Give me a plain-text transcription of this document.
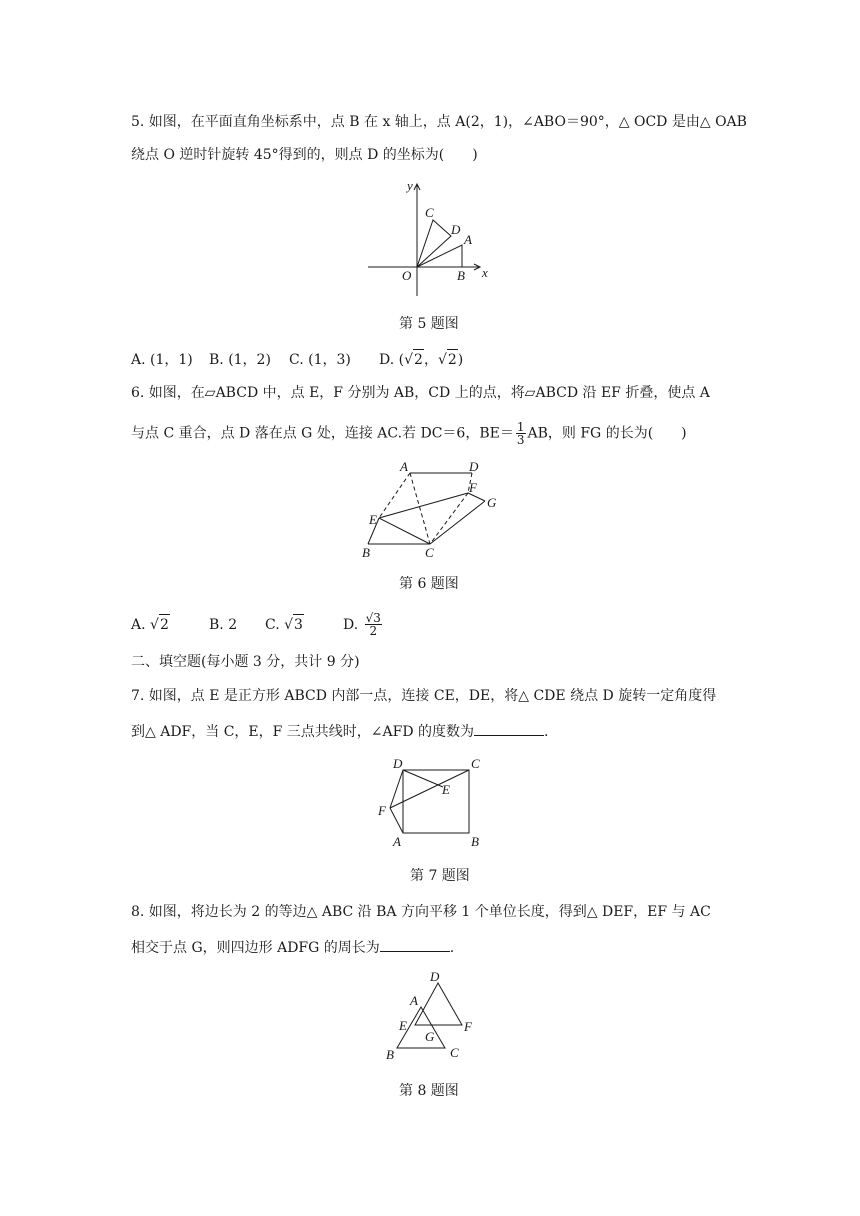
5. 如图，在平面直角坐标系中，点 B 在 x 轴上，点 A(2，1)，∠ABO＝90°，△ OCD 是由△ OAB
绕点 O 逆时针旋转 45°得到的，则点 D 的坐标为(　　)
y
x
O
A
B
C
D
第 5 题图
A. (1，1) B. (1，2) C. (1，3) D. (√2，√2)
6. 如图，在▱ABCD 中，点 E，F 分别为 AB，CD 上的点，将▱ABCD 沿 EF 折叠，使点 A
与点 C 重合，点 D 落在点 G 处，连接 AC.若 DC＝6，$BE= \frac{1}{3}$ AB，则 FG 的长为(　　)
A	D
F
G
E
B	C
第 6 题图
A. √2	B. 2 C. √3	D. $\frac{√3}{2}$
二、填空题(每小题 3 分，共计 9 分)
7. 如图，点 E 是正方形 ABCD 内部一点，连接 CE，DE，将△ CDE 绕点 D 旋转一定角度得
到△ ADF，当 C，E，F 三点共线时，∠AFD 的度数为	.
D	C
E
F
A	B
第 7 题图
8. 如图，将边长为 2 的等边△ ABC 沿 BA 方向平移 1 个单位长度，得到△ DEF，EF 与 AC
相交于点 G，则四边形 ADFG 的周长为	.
D
A
E	F
G
B	C
第 8 题图
